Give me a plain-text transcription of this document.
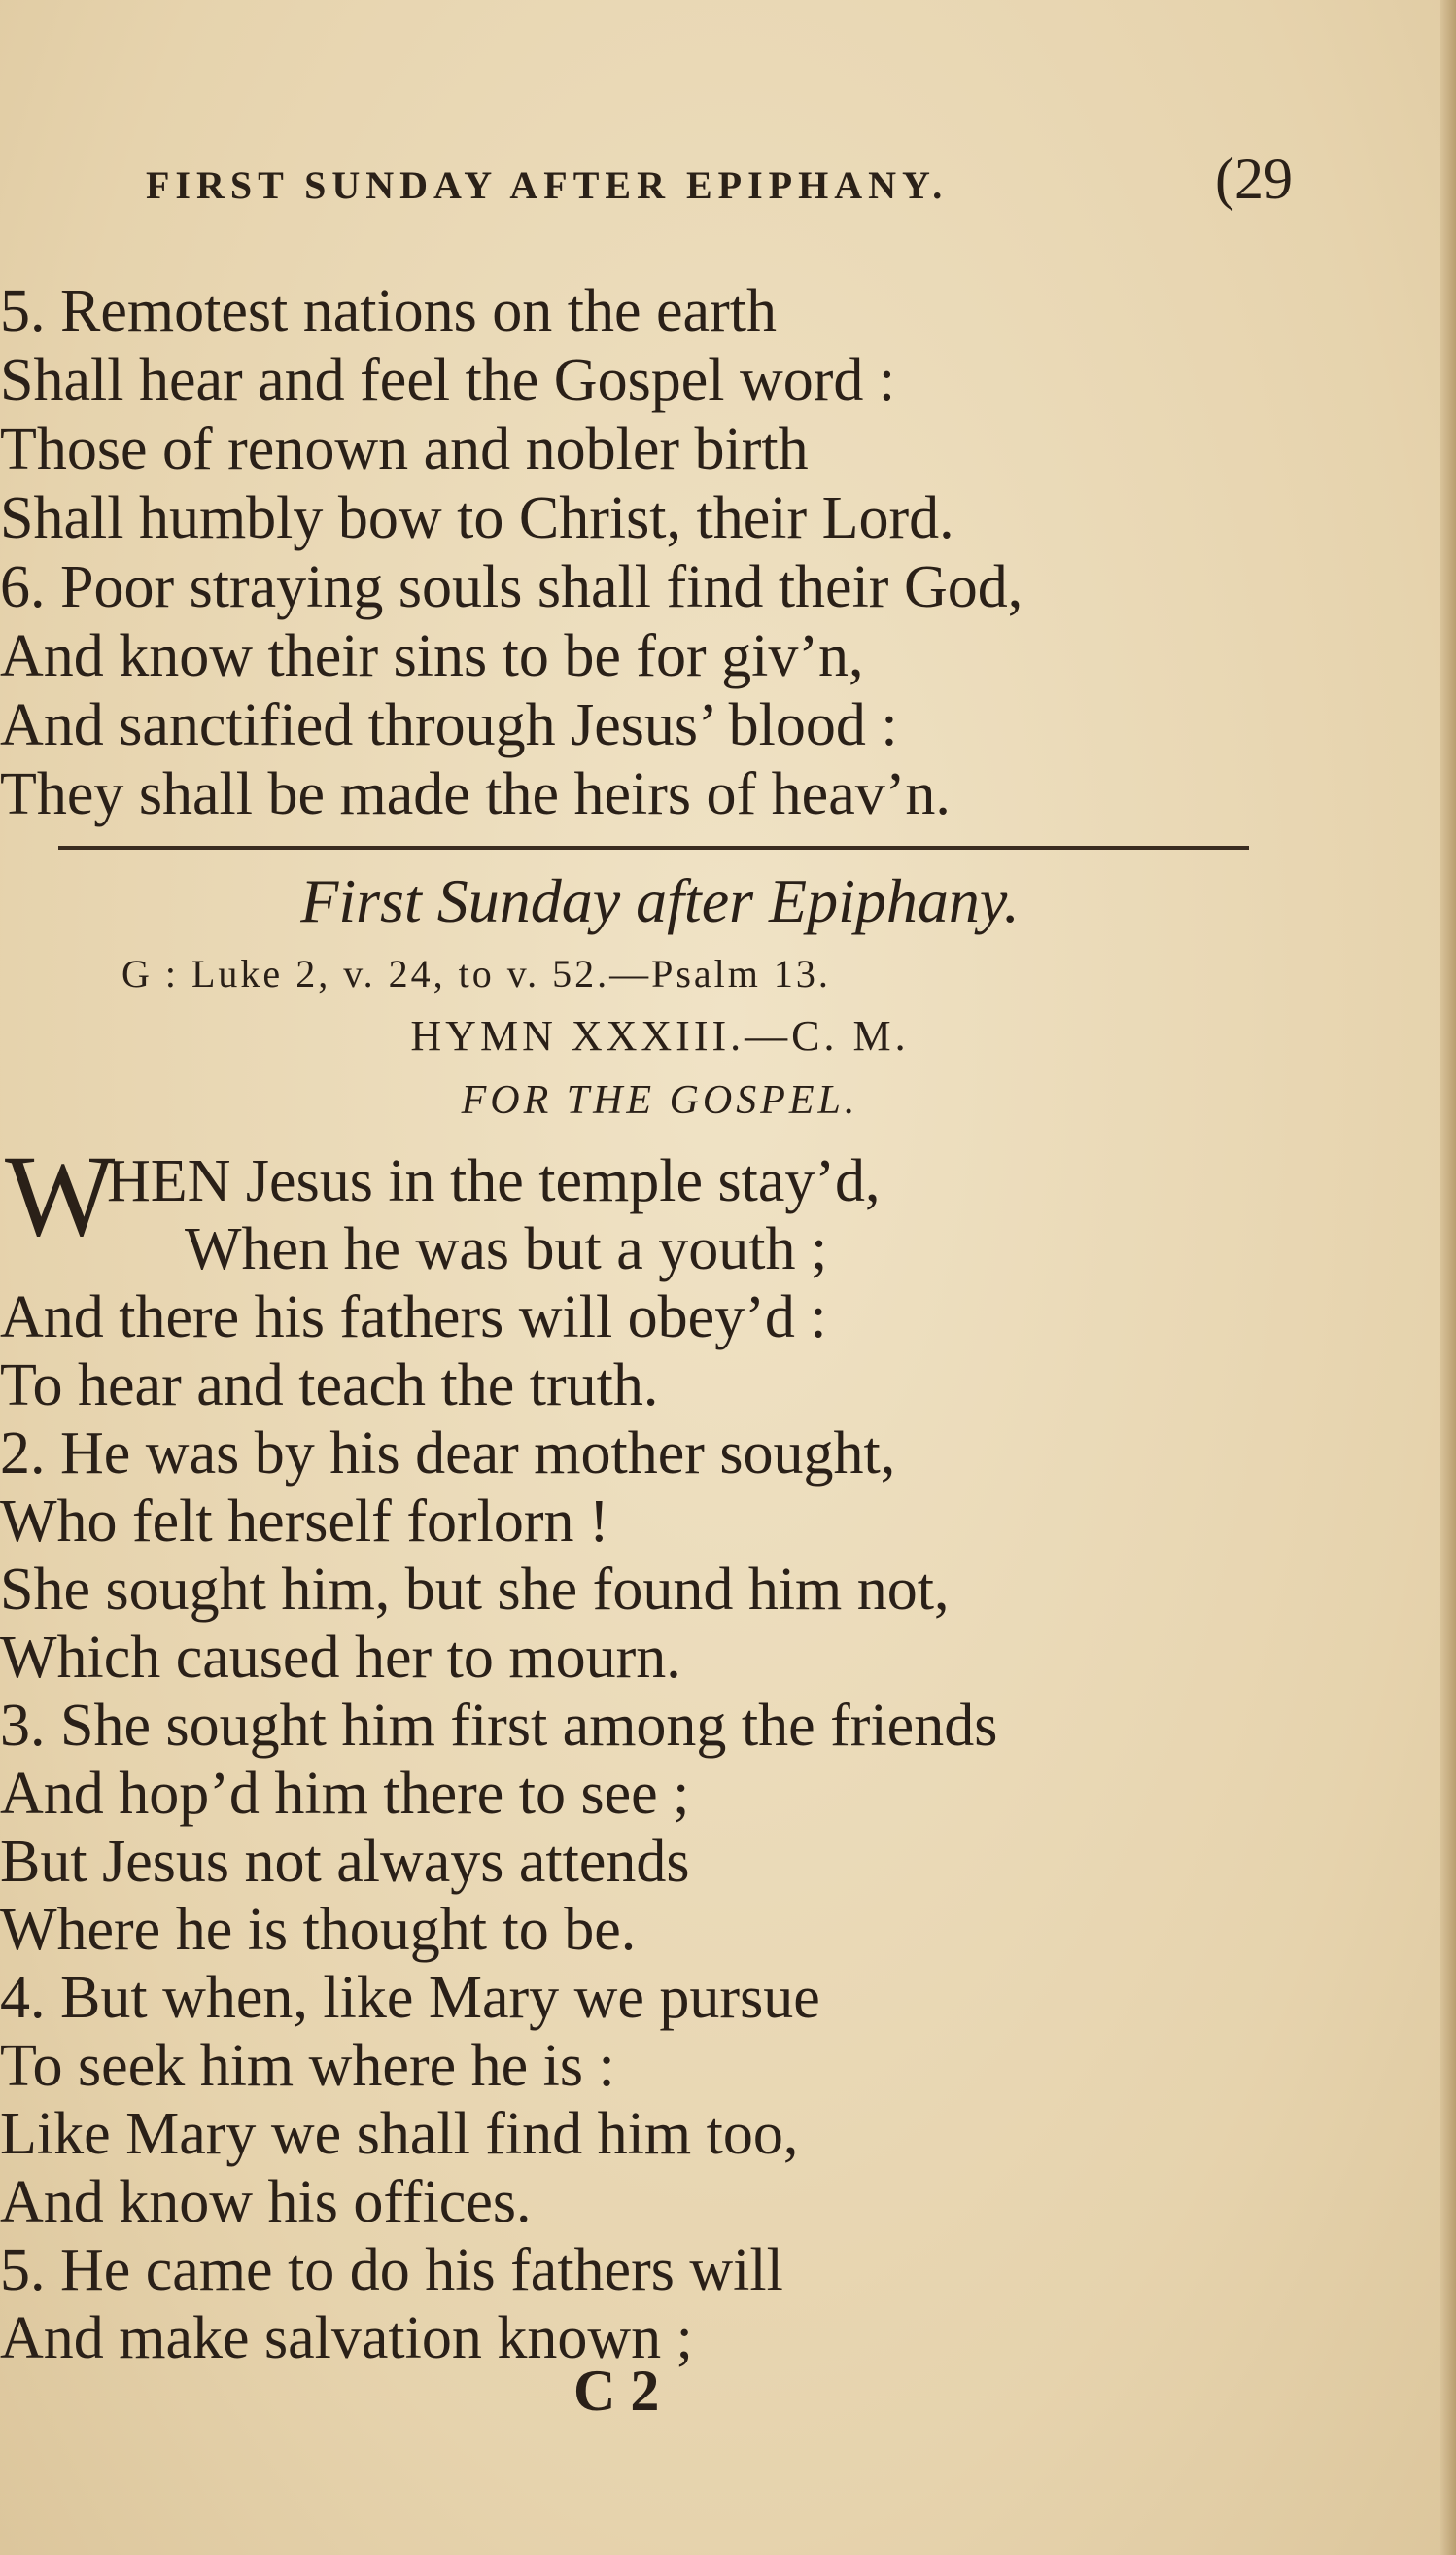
FIRST SUNDAY AFTER EPIPHANY.	(29
5. Remotest nations on the earth
Shall hear and feel the Gospel word :
Those of renown and nobler birth
Shall humbly bow to Christ, their Lord.
6. Poor straying souls shall find their God,
And know their sins to be for giv’n,
And sanctified through Jesus’ blood :
They shall be made the heirs of heav’n.
First Sunday after Epiphany.
G : Luke 2, v. 24, to v. 52.—Psalm 13.
HYMN XXXIII.—C. M.
FOR THE GOSPEL.
W
HEN Jesus in the temple stay’d,
When he was but a youth ;
And there his fathers will obey’d :
To hear and teach the truth.
2. He was by his dear mother sought,
Who felt herself forlorn !
She sought him, but she found him not,
Which caused her to mourn.
3. She sought him first among the friends
And hop’d him there to see ;
But Jesus not always attends
Where he is thought to be.
4. But when, like Mary we pursue
To seek him where he is :
Like Mary we shall find him too,
And know his offices.
5. He came to do his fathers will
And make salvation known ;
C 2
